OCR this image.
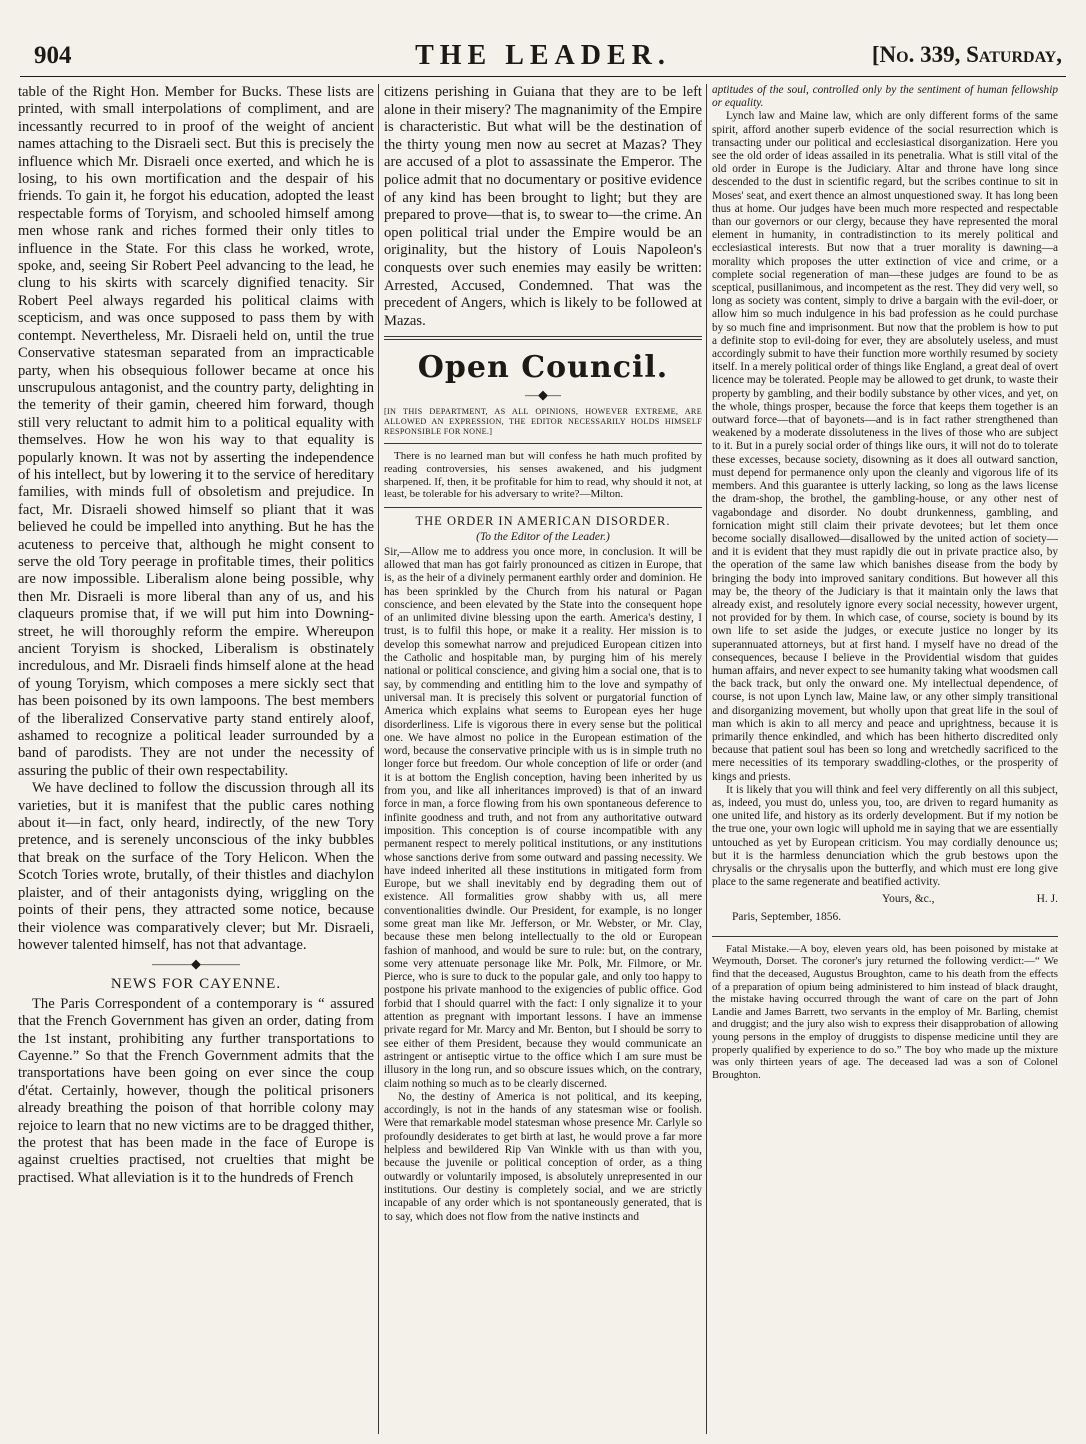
904	THE LEADER.	[No. 339, Saturday,

table of the Right Hon. Member for Bucks. These lists are printed, with small interpolations of compliment, and are incessantly recurred to in proof of the weight of ancient names attaching to the Disraeli sect. But this is precisely the influence which Mr. Disraeli once exerted, and which he is losing, to his own mortification and the despair of his friends. To gain it, he forgot his education, adopted the least respectable forms of Toryism, and schooled himself among men whose rank and riches formed their only titles to influence in the State. For this class he worked, wrote, spoke, and, seeing Sir Robert Peel advancing to the lead, he clung to his skirts with scarcely dignified tenacity. Sir Robert Peel always regarded his political claims with scepticism, and was once supposed to pass them by with contempt. Nevertheless, Mr. Disraeli held on, until the true Conservative statesman separated from an impracticable party, when his obsequious follower became at once his unscrupulous antagonist, and the country party, delighting in the temerity of their gamin, cheered him forward, though still very reluctant to admit him to a political equality with themselves. How he won his way to that equality is popularly known. It was not by asserting the independence of his intellect, but by lowering it to the service of hereditary families, with minds full of obsoletism and prejudice. In fact, Mr. Disraeli showed himself so pliant that it was believed he could be impelled into anything. But he has the acuteness to perceive that, although he might consent to serve the old Tory peerage in profitable times, their politics are now impossible. Liberalism alone being possible, why then Mr. Disraeli is more liberal than any of us, and his claqueurs promise that, if we will put him into Downing-street, he will thoroughly reform the empire. Whereupon ancient Toryism is shocked, Liberalism is obstinately incredulous, and Mr. Disraeli finds himself alone at the head of young Toryism, which composes a mere sickly sect that has been poisoned by its own lampoons. The best members of the liberalized Conservative party stand entirely aloof, ashamed to recognize a political leader surrounded by a band of parodists. They are not under the necessity of assuring the public of their own respectability.

We have declined to follow the discussion through all its varieties, but it is manifest that the public cares nothing about it—in fact, only heard, indirectly, of the new Tory pretence, and is serenely unconscious of the inky bubbles that break on the surface of the Tory Helicon. When the Scotch Tories wrote, brutally, of their thistles and diachylon plaister, and of their antagonists dying, wriggling on the points of their pens, they attracted some notice, because their violence was comparatively clever; but Mr. Disraeli, however talented himself, has not that advantage.

———◆———
NEWS FOR CAYENNE.

The Paris Correspondent of a contemporary is “ assured that the French Government has given an order, dating from the 1st instant, prohibiting any further transportations to Cayenne.” So that the French Government admits that the transportations have been going on ever since the coup d'état. Certainly, however, though the political prisoners already breathing the poison of that horrible colony may rejoice to learn that no new victims are to be dragged thither, the protest that has been made in the face of Europe is against cruelties practised, not cruelties that might be practised. What alleviation is it to the hundreds of French

citizens perishing in Guiana that they are to be left alone in their misery? The magnanimity of the Empire is characteristic. But what will be the destination of the thirty young men now au secret at Mazas? They are accused of a plot to assassinate the Emperor. The police admit that no documentary or positive evidence of any kind has been brought to light; but they are prepared to prove—that is, to swear to—the crime. An open political trial under the Empire would be an originality, but the history of Louis Napoleon's conquests over such enemies may easily be written: Arrested, Accused, Condemned. That was the precedent of Angers, which is likely to be followed at Mazas.

Open Council.
—◆—

[IN THIS DEPARTMENT, AS ALL OPINIONS, HOWEVER EXTREME, ARE ALLOWED AN EXPRESSION, THE EDITOR NECESSARILY HOLDS HIMSELF RESPONSIBLE FOR NONE.]

There is no learned man but will confess he hath much profited by reading controversies, his senses awakened, and his judgment sharpened. If, then, it be profitable for him to read, why should it not, at least, be tolerable for his adversary to write?—Milton.

THE ORDER IN AMERICAN DISORDER.
(To the Editor of the Leader.)

Sir,—Allow me to address you once more, in conclusion. It will be allowed that man has got fairly pronounced as citizen in Europe, that is, as the heir of a divinely permanent earthly order and dominion. He has been sprinkled by the Church from his natural or Pagan conscience, and been elevated by the State into the consequent hope of an unlimited divine blessing upon the earth. America's destiny, I trust, is to fulfil this hope, or make it a reality. Her mission is to develop this somewhat narrow and prejudiced European citizen into the Catholic and hospitable man, by purging him of his merely national or political conscience, and giving him a social one, that is to say, by commending and entitling him to the love and sympathy of universal man. It is precisely this solvent or purgatorial function of America which explains what seems to European eyes her huge disorderliness. Life is vigorous there in every sense but the political one. We have almost no police in the European estimation of the word, because the conservative principle with us is in simple truth no longer force but freedom. Our whole conception of life or order (and it is at bottom the English conception, having been inherited by us from you, and like all inheritances improved) is that of an inward force in man, a force flowing from his own spontaneous deference to infinite goodness and truth, and not from any authoritative outward imposition. This conception is of course incompatible with any permanent respect to merely political institutions, or any institutions whose sanctions derive from some outward and passing necessity. We have indeed inherited all these institutions in mitigated form from Europe, but we shall inevitably end by degrading them out of existence. All formalities grow shabby with us, all mere conventionalities dwindle. Our President, for example, is no longer some great man like Mr. Jefferson, or Mr. Webster, or Mr. Clay, because these men belong intellectually to the old or European fashion of manhood, and would be sure to rule: but, on the contrary, some very attenuate personage like Mr. Polk, Mr. Filmore, or Mr. Pierce, who is sure to duck to the popular gale, and only too happy to postpone his private manhood to the exigencies of public office. God forbid that I should quarrel with the fact: I only signalize it to your attention as pregnant with important lessons. I have an immense private regard for Mr. Marcy and Mr. Benton, but I should be sorry to see either of them President, because they would communicate an astringent or antiseptic virtue to the office which I am sure must be illusory in the long run, and so obscure issues which, on the contrary, claim nothing so much as to be clearly discerned.

No, the destiny of America is not political, and its keeping, accordingly, is not in the hands of any statesman wise or foolish. Were that remarkable model statesman whose presence Mr. Carlyle so profoundly desiderates to get birth at last, he would prove a far more helpless and bewildered Rip Van Winkle with us than with you, because the juvenile or political conception of order, as a thing outwardly or voluntarily imposed, is absolutely unrepresented in our institutions. Our destiny is completely social, and we are strictly incapable of any order which is not spontaneously generated, that is to say, which does not flow from the native instincts and

aptitudes of the soul, controlled only by the sentiment of human fellowship or equality.

Lynch law and Maine law, which are only different forms of the same spirit, afford another superb evidence of the social resurrection which is transacting under our political and ecclesiastical disorganization. Here you see the old order of ideas assailed in its penetralia. What is still vital of the old order in Europe is the Judiciary. Altar and throne have long since descended to the dust in scientific regard, but the scribes continue to sit in Moses' seat, and exert thence an almost unquestioned sway. It has long been thus at home. Our judges have been much more respected and respectable than our governors or our clergy, because they have represented the moral element in humanity, in contradistinction to its merely political and ecclesiastical interests. But now that a truer morality is dawning—a morality which proposes the utter extinction of vice and crime, or a complete social regeneration of man—these judges are found to be as sceptical, pusillanimous, and incompetent as the rest. They did very well, so long as society was content, simply to drive a bargain with the evil-doer, or allow him so much indulgence in his bad profession as he could purchase by so much fine and imprisonment. But now that the problem is how to put a definite stop to evil-doing for ever, they are absolutely useless, and must accordingly submit to have their function more worthily resumed by society itself. In a merely political order of things like England, a great deal of overt licence may be tolerated. People may be allowed to get drunk, to waste their property by gambling, and their bodily substance by other vices, and yet, on the whole, things prosper, because the force that keeps them together is an outward force—that of bayonets—and is in fact rather strengthened than weakened by a moderate dissoluteness in the lives of those who are subject to it. But in a purely social order of things like ours, it will not do to tolerate these excesses, because society, disowning as it does all outward sanction, must depend for permanence only upon the cleanly and vigorous life of its members. And this guarantee is utterly lacking, so long as the laws license the dram-shop, the brothel, the gambling-house, or any other nest of vagabondage and disorder. No doubt drunkenness, gambling, and fornication might still claim their private devotees; but let them once become socially disallowed—disallowed by the united action of society—and it is evident that they must rapidly die out in private practice also, by the operation of the same law which banishes disease from the body by bringing the body into improved sanitary conditions. But however all this may be, the theory of the Judiciary is that it maintain only the laws that already exist, and resolutely ignore every social necessity, however urgent, not provided for by them. In which case, of course, society is bound by its own life to set aside the judges, or execute justice no longer by its superannuated attorneys, but at first hand. I myself have no dread of the consequences, because I believe in the Providential wisdom that guides human affairs, and never expect to see humanity taking what woodsmen call the back track, but only the onward one. My intellectual dependence, of course, is not upon Lynch law, Maine law, or any other simply transitional and disorganizing movement, but wholly upon that great life in the soul of man which is akin to all mercy and peace and uprightness, because it is primarily thence enkindled, and which has been hitherto discredited only because that patient soul has been so long and wretchedly sacrificed to the mere necessities of its temporary swaddling-clothes, or the prosperity of kings and priests.

It is likely that you will think and feel very differently on all this subject, as, indeed, you must do, unless you, too, are driven to regard humanity as one united life, and history as its orderly development. But if my notion be the true one, your own logic will uphold me in saying that we are essentially untouched as yet by European criticism. You may cordially denounce us; but it is the harmless denunciation which the grub bestows upon the chrysalis or the chrysalis upon the butterfly, and which must ere long give place to the same regenerate and beatified activity.

Yours, &c.,	H. J.

Paris, September, 1856.

Fatal Mistake.—A boy, eleven years old, has been poisoned by mistake at Weymouth, Dorset. The coroner's jury returned the following verdict:—“ We find that the deceased, Augustus Broughton, came to his death from the effects of a preparation of opium being administered to him instead of black draught, the mistake having occurred through the want of care on the part of John Landie and James Barrett, two servants in the employ of Mr. Barling, chemist and druggist; and the jury also wish to express their disapprobation of allowing young persons in the employ of druggists to dispense medicine until they are properly qualified by experience to do so.” The boy who made up the mixture was only thirteen years of age. The deceased lad was a son of Colonel Broughton.
